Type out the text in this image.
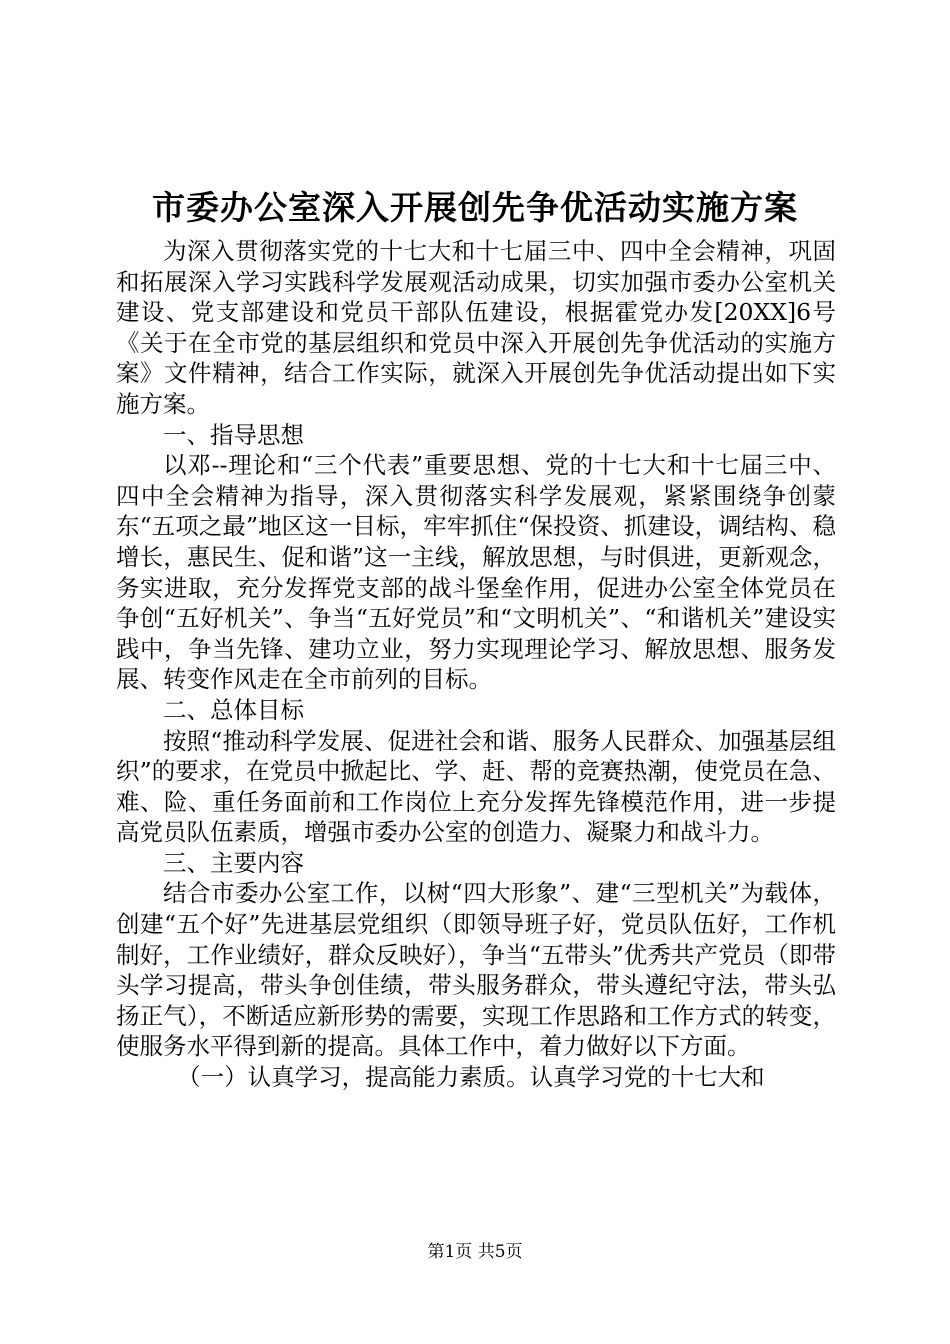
市委办公室深入开展创先争优活动实施方案

为深入贯彻落实党的十七大和十七届三中、四中全会精神，巩固和拓展深入学习实践科学发展观活动成果，切实加强市委办公室机关建设、党支部建设和党员干部队伍建设，根据霍党办发[20XX]6号《关于在全市党的基层组织和党员中深入开展创先争优活动的实施方案》文件精神，结合工作实际，就深入开展创先争优活动提出如下实施方案。

一、指导思想

以邓--理论和“三个代表”重要思想、党的十七大和十七届三中、四中全会精神为指导，深入贯彻落实科学发展观，紧紧围绕争创蒙东“五项之最”地区这一目标，牢牢抓住“保投资、抓建设，调结构、稳增长，惠民生、促和谐”这一主线，解放思想，与时俱进，更新观念，务实进取，充分发挥党支部的战斗堡垒作用，促进办公室全体党员在争创“五好机关”、争当“五好党员”和“文明机关”、“和谐机关”建设实践中，争当先锋、建功立业，努力实现理论学习、解放思想、服务发展、转变作风走在全市前列的目标。

二、总体目标

按照“推动科学发展、促进社会和谐、服务人民群众、加强基层组织”的要求，在党员中掀起比、学、赶、帮的竞赛热潮，使党员在急、难、险、重任务面前和工作岗位上充分发挥先锋模范作用，进一步提高党员队伍素质，增强市委办公室的创造力、凝聚力和战斗力。

三、主要内容

结合市委办公室工作，以树“四大形象”、建“三型机关”为载体，创建“五个好”先进基层党组织（即领导班子好，党员队伍好，工作机制好，工作业绩好，群众反映好），争当“五带头”优秀共产党员（即带头学习提高，带头争创佳绩，带头服务群众，带头遵纪守法，带头弘扬正气），不断适应新形势的需要，实现工作思路和工作方式的转变，使服务水平得到新的提高。具体工作中，着力做好以下方面。

（一）认真学习，提高能力素质。认真学习党的十七大和

第1页 共5页
